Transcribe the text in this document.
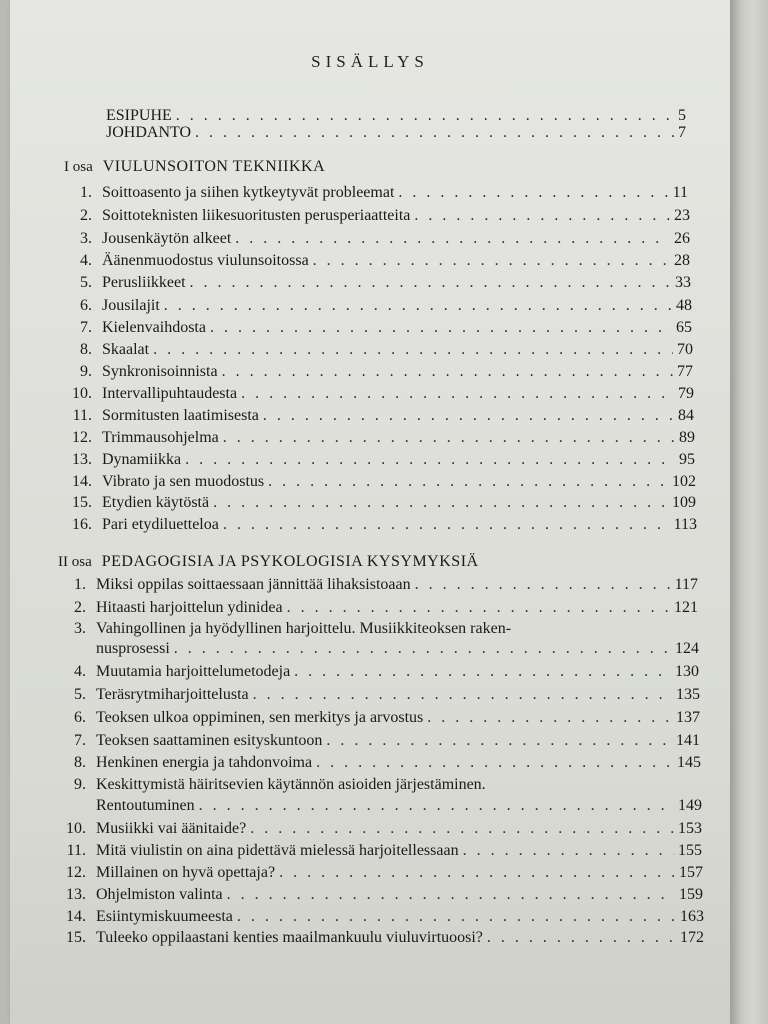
SISÄLLYS
ESIPUHE . . .	5
JOHDANTO . . .	7
I osa VIULUNSOITON TEKNIIKKA
1. Soittoasento ja siihen kytkeytyvät probleemat . . .	11
2. Soittoteknisten liikesuoritusten perusperiaatteita . . .	23
3. Jousenkäytön alkeet . . .	26
4. Äänenmuodostus viulunsoitossa . . .	28
5. Perusliikkeet . . .	33
6. Jousilajit . . .	48
7. Kielenvaihdosta . . .	65
8. Skaalat . . .	70
9. Synkronisoinnista . . .	77
10. Intervallipuhtaudesta . . .	79
11. Sormitusten laatimisesta . . .	84
12. Trimmausohjelma . . .	89
13. Dynamiikka . . .	95
14. Vibrato ja sen muodostus . . .	102
15. Etydien käytöstä . . .	109
16. Pari etydiluetteloa . . .	113
II osa PEDAGOGISIA JA PSYKOLOGISIA KYSYMYKSIÄ
1. Miksi oppilas soittaessaan jännittää lihaksistoaan . . .	117
2. Hitaasti harjoittelun ydinidea . . .	121
3. Vahingollinen ja hyödyllinen harjoittelu. Musiikkiteoksen raken-
nusprosessi . . .	124
4. Muutamia harjoittelumetodeja . . .	130
5. Teräsrytmiharjoittelusta . . .	135
6. Teoksen ulkoa oppiminen, sen merkitys ja arvostus . . .	137
7. Teoksen saattaminen esityskuntoon . . .	141
8. Henkinen energia ja tahdonvoima . . .	145
9. Keskittymistä häiritsevien käytännön asioiden järjestäminen.
Rentoutuminen . . .	149
10. Musiikki vai äänitaide? . . .	153
11. Mitä viulistin on aina pidettävä mielessä harjoitellessaan . . .	155
12. Millainen on hyvä opettaja? . . .	157
13. Ohjelmiston valinta . . .	159
14. Esiintymiskuumeesta . . .	163
15. Tuleeko oppilaastani kenties maailmankuulu viuluvirtuoosi? . . .	172
